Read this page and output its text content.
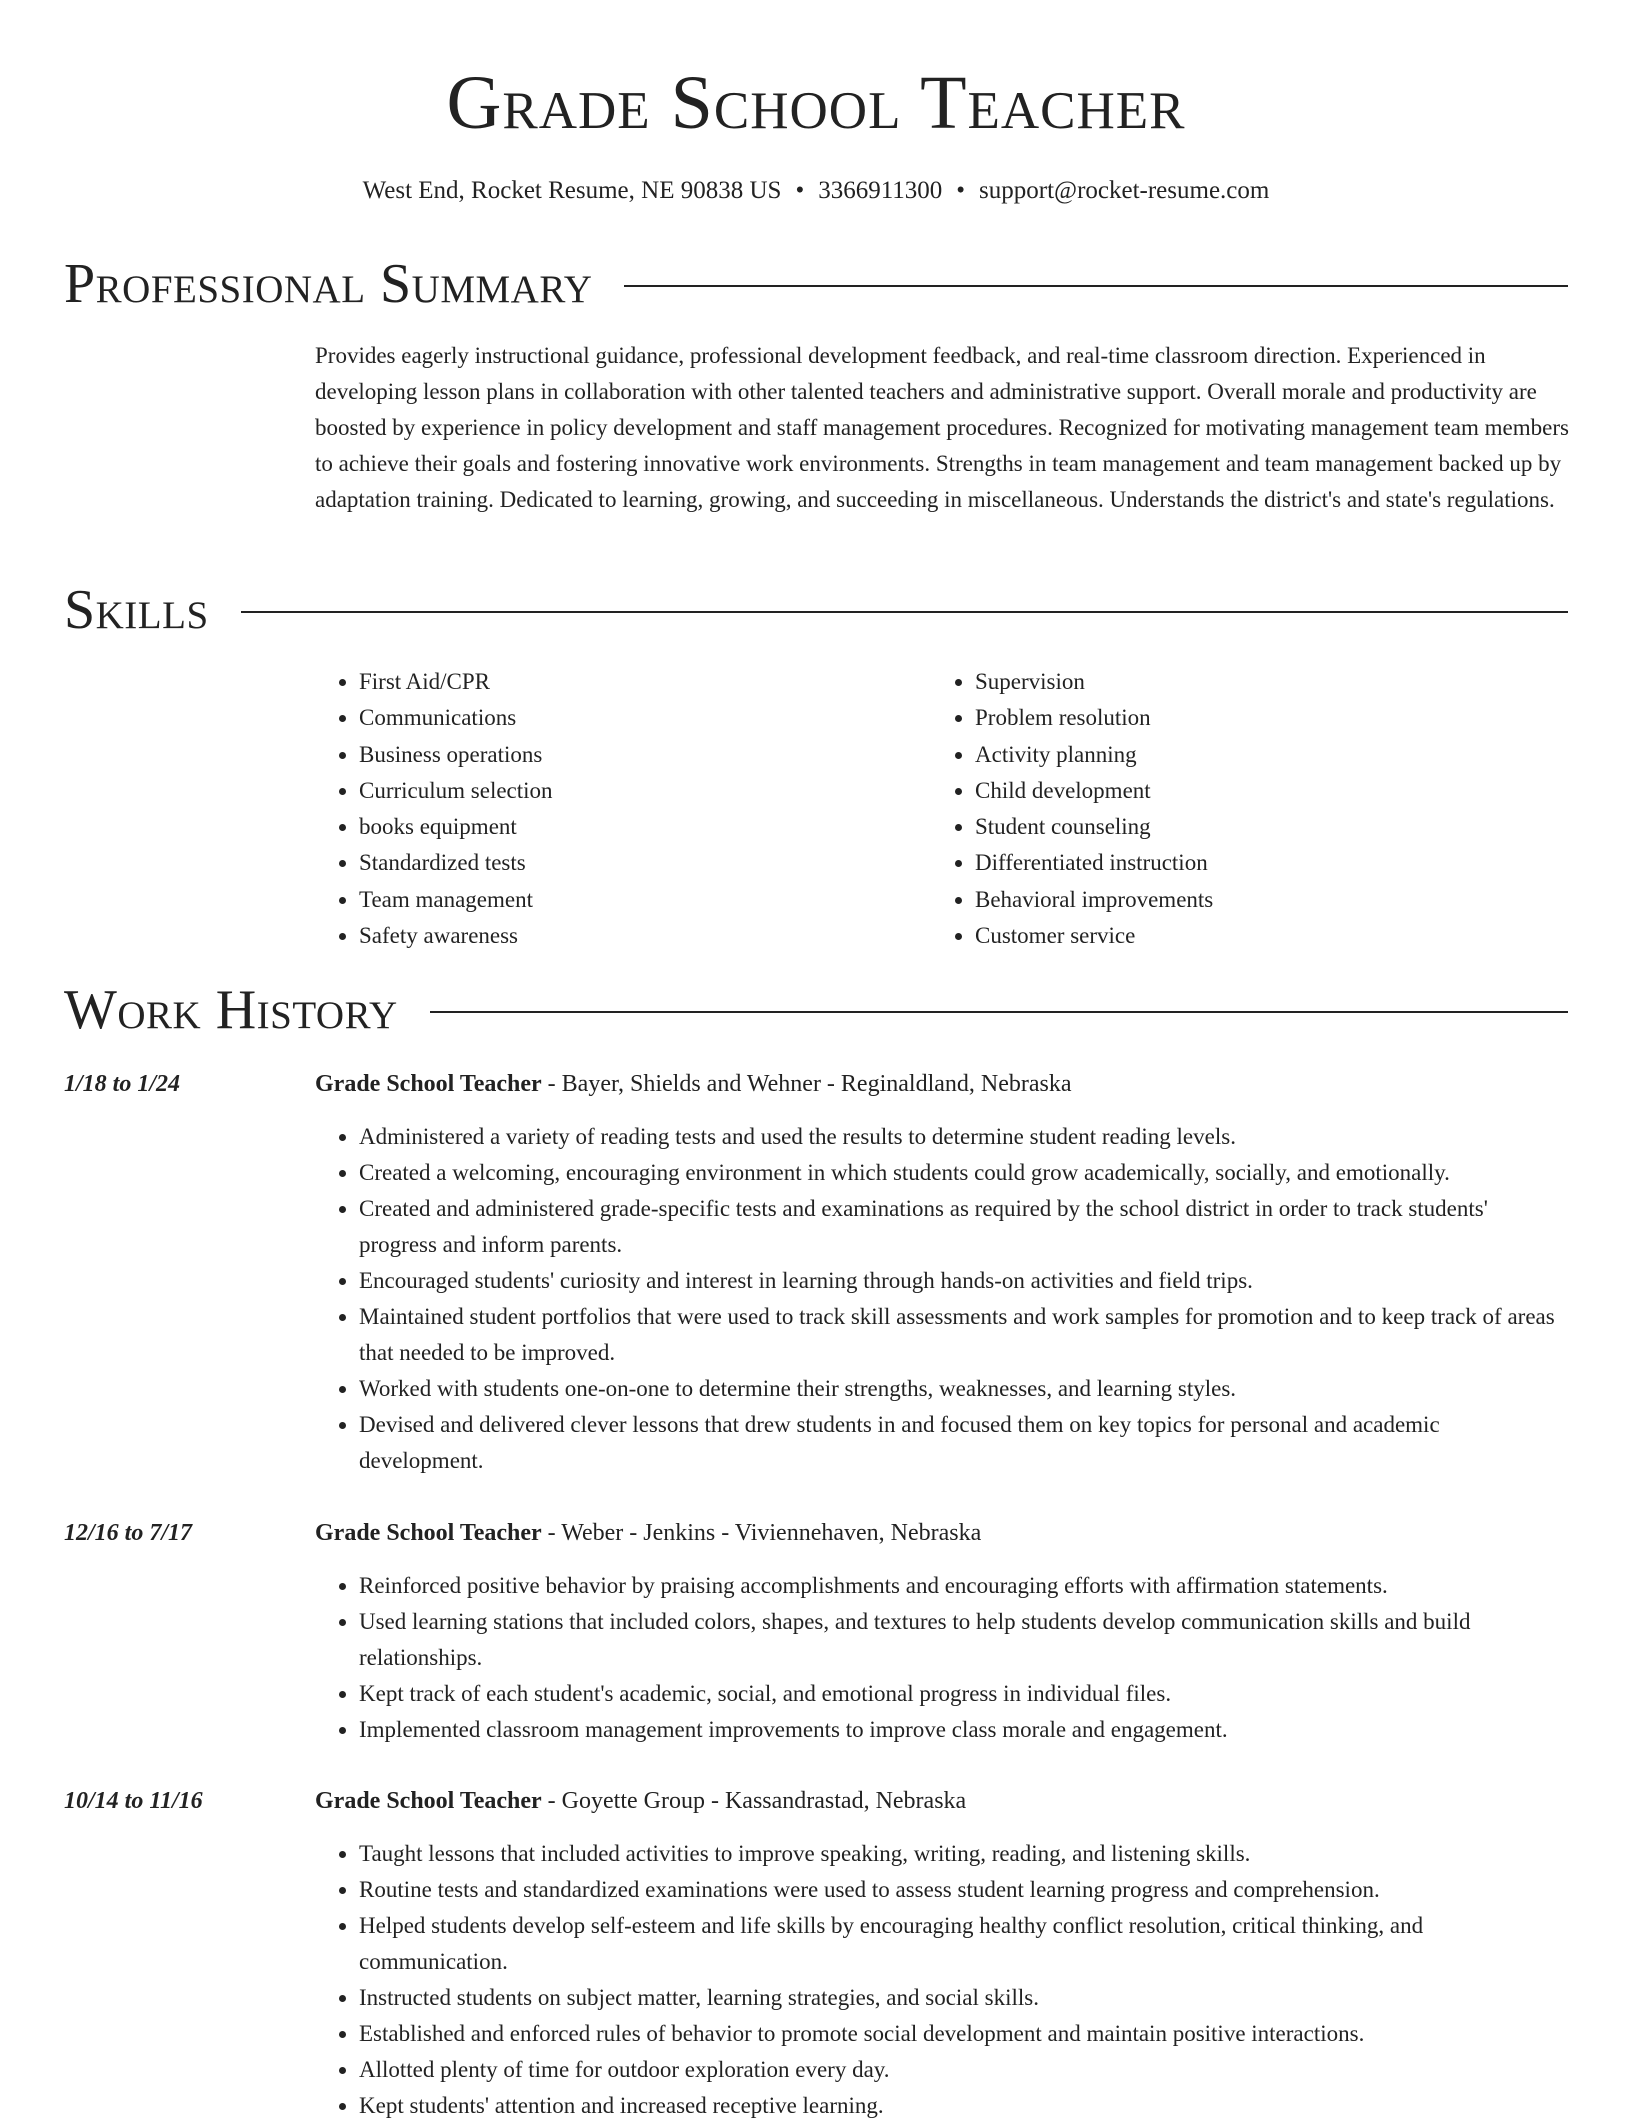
Grade School Teacher
West End, Rocket Resume, NE 90838 US • 3366911300 • support@rocket-resume.com
Professional Summary

Provides eagerly instructional guidance, professional development feedback, and real-time classroom direction. Experienced in developing lesson plans in collaboration with other talented teachers and administrative support. Overall morale and productivity are boosted by experience in policy development and staff management procedures. Recognized for motivating management team members to achieve their goals and fostering innovative work environments. Strengths in team management and team management backed up by adaptation training. Dedicated to learning, growing, and succeeding in miscellaneous. Understands the district's and state's regulations.

Skills
• First Aid/CPR
• Communications
• Business operations
• Curriculum selection
• books equipment
• Standardized tests
• Team management
• Safety awareness
• Supervision
• Problem resolution
• Activity planning
• Child development
• Student counseling
• Differentiated instruction
• Behavioral improvements
• Customer service
Work History
1/18 to 1/24	Grade School Teacher - Bayer, Shields and Wehner - Reginaldland, Nebraska
• Administered a variety of reading tests and used the results to determine student reading levels.
• Created a welcoming, encouraging environment in which students could grow academically, socially, and emotionally.
• Created and administered grade-specific tests and examinations as required by the school district in order to track students' progress and inform parents.
• Encouraged students' curiosity and interest in learning through hands-on activities and field trips.
• Maintained student portfolios that were used to track skill assessments and work samples for promotion and to keep track of areas that needed to be improved.
• Worked with students one-on-one to determine their strengths, weaknesses, and learning styles.
• Devised and delivered clever lessons that drew students in and focused them on key topics for personal and academic development.
12/16 to 7/17	Grade School Teacher - Weber - Jenkins - Viviennehaven, Nebraska
• Reinforced positive behavior by praising accomplishments and encouraging efforts with affirmation statements.
• Used learning stations that included colors, shapes, and textures to help students develop communication skills and build relationships.
• Kept track of each student's academic, social, and emotional progress in individual files.
• Implemented classroom management improvements to improve class morale and engagement.
10/14 to 11/16	Grade School Teacher - Goyette Group - Kassandrastad, Nebraska
• Taught lessons that included activities to improve speaking, writing, reading, and listening skills.
• Routine tests and standardized examinations were used to assess student learning progress and comprehension.
• Helped students develop self-esteem and life skills by encouraging healthy conflict resolution, critical thinking, and communication.
• Instructed students on subject matter, learning strategies, and social skills.
• Established and enforced rules of behavior to promote social development and maintain positive interactions.
• Allotted plenty of time for outdoor exploration every day.
• Kept students' attention and increased receptive learning.
